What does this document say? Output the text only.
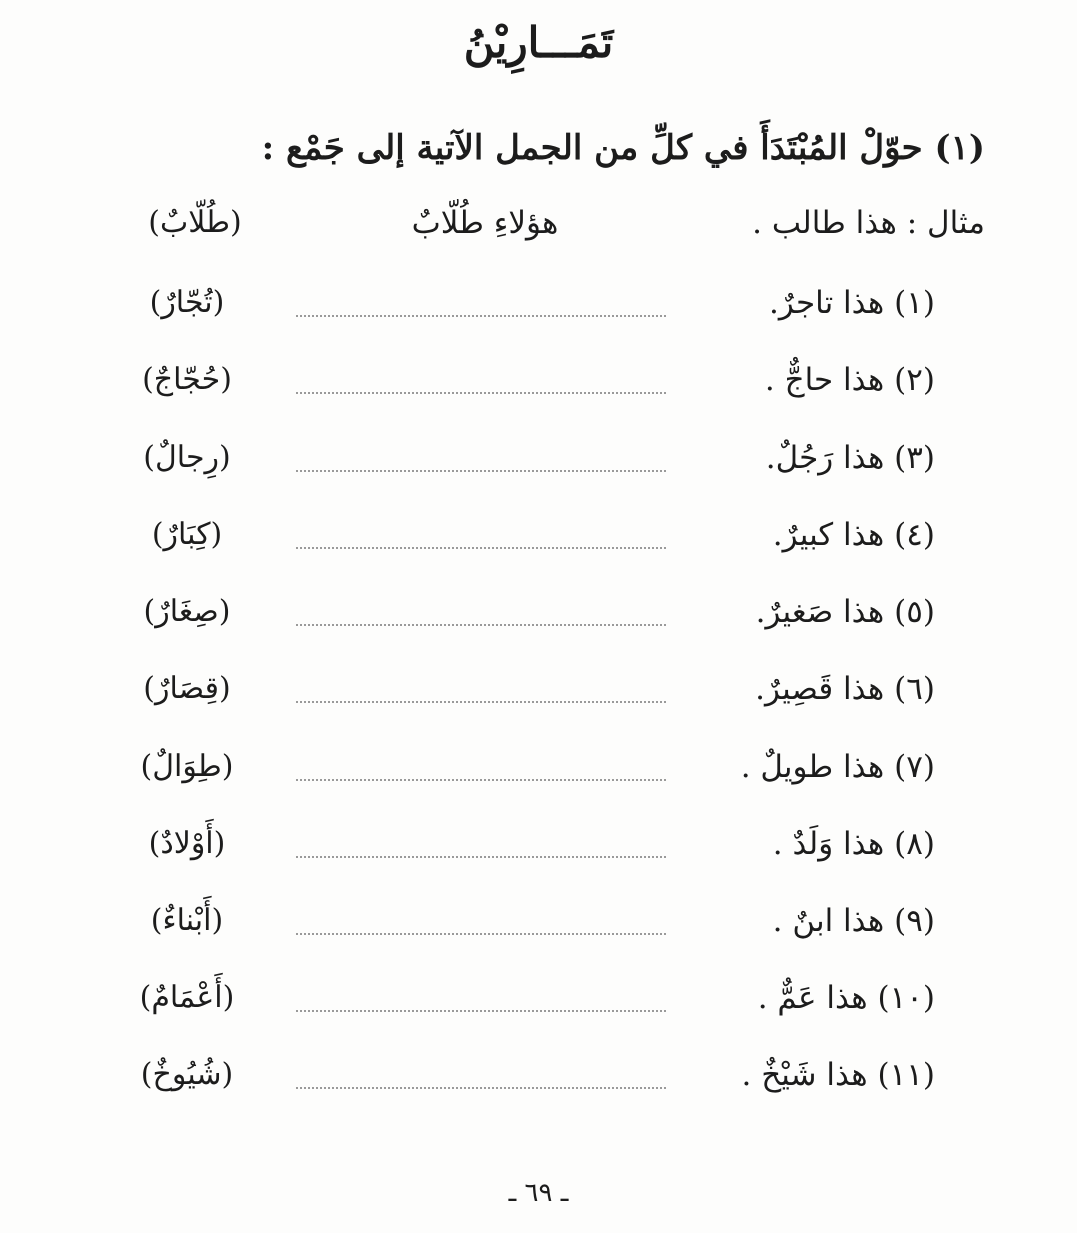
تَمَـــارِيْنُ
(١) حوّلْ المُبْتَدَأَ في كلِّ من الجمل الآتية إلى جَمْع :
مثال : هذا طالب .
هؤلاءِ طُلّابٌ
(طُلّابٌ)
(١) هذا تاجرٌ.
(تُجّارٌ)
(٢) هذا حاجٌّ .
(حُجّاجٌ)
(٣) هذا رَجُلٌ.
(رِجالٌ)
(٤) هذا كبيرٌ.
(كِبَارٌ)
(٥) هذا صَغيرٌ.
(صِغَارٌ)
(٦) هذا قَصِيرٌ.
(قِصَارٌ)
(٧) هذا طويلٌ .
(طِوَالٌ)
(٨) هذا وَلَدٌ .
(أَوْلادٌ)
(٩) هذا ابنٌ .
(أَبْناءٌ)
(١٠) هذا عَمٌّ .
(أَعْمَامٌ)
(١١) هذا شَيْخٌ .
(شُيُوخٌ)
ـ ٦٩ ـ
